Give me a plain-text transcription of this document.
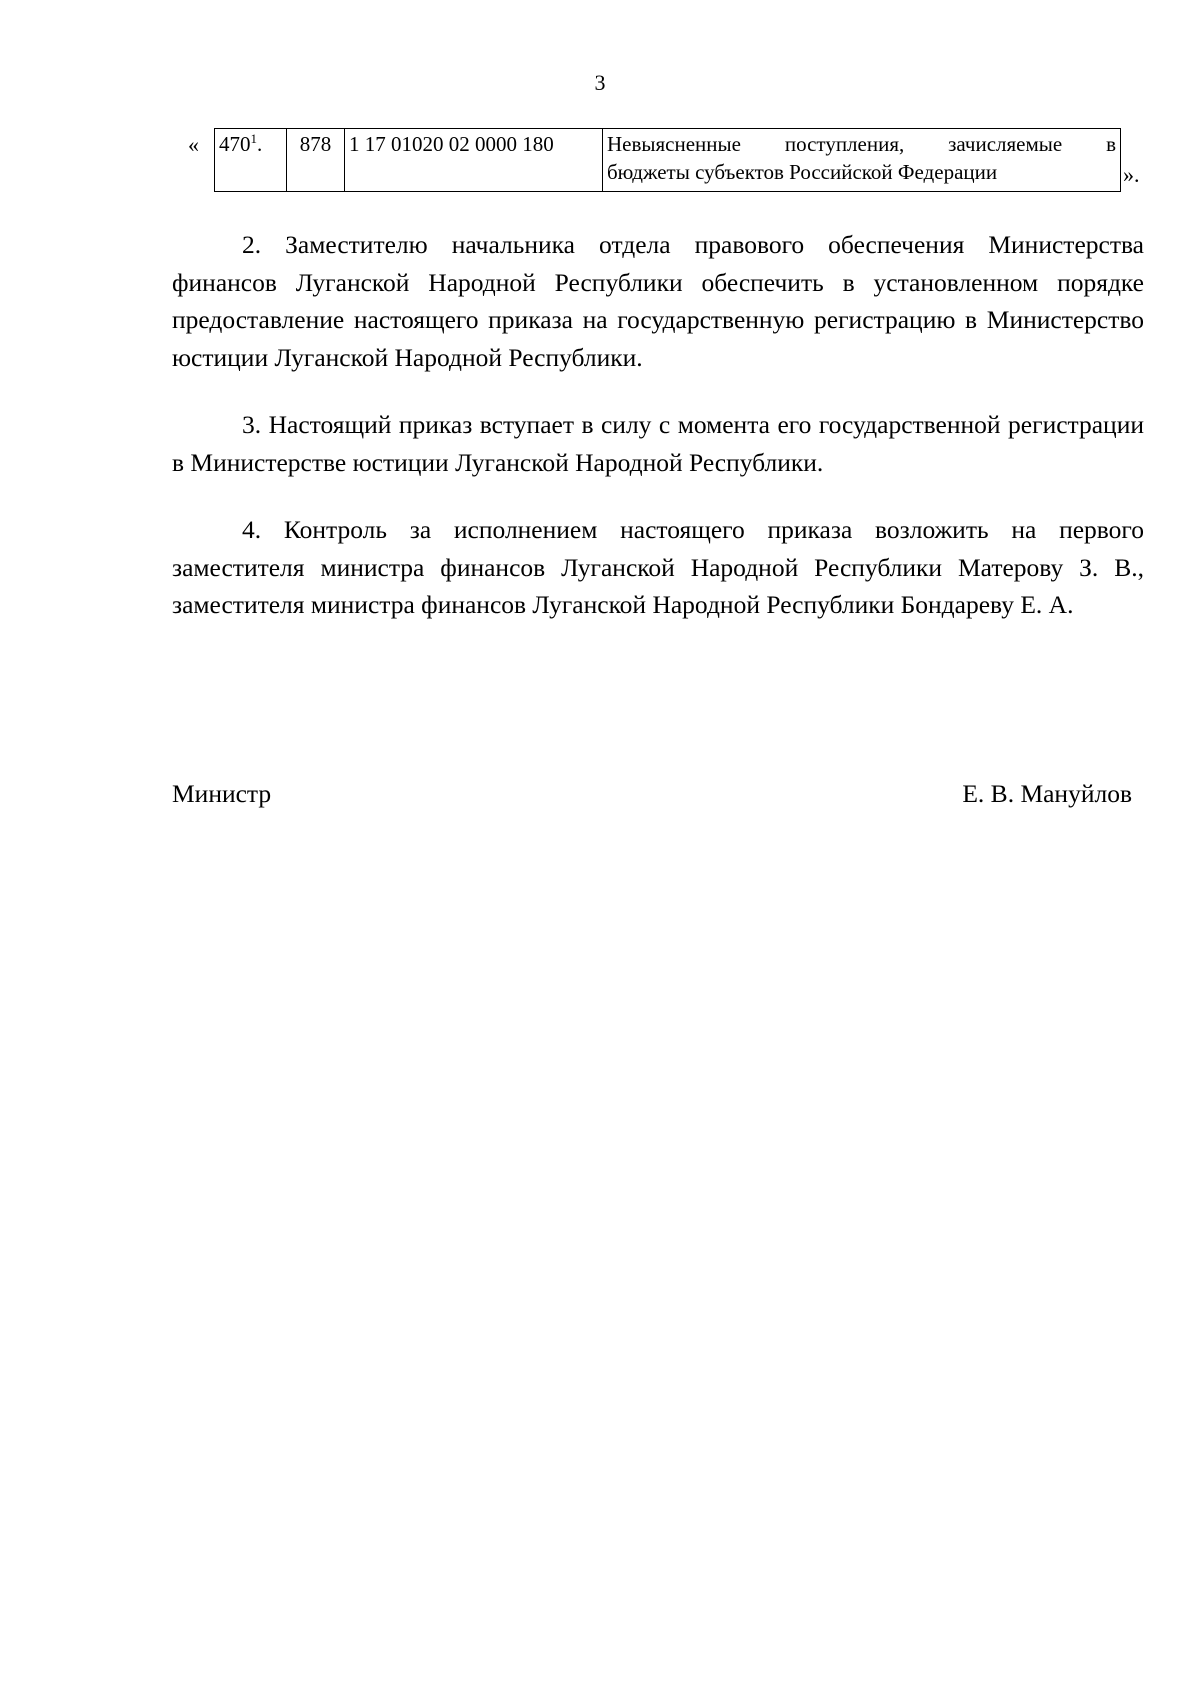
3
« $470^1$.	878	1 17 01020 02 0000 180	Невыясненные поступления, зачисляемые в
бюджеты субъектов Российской Федерации	».

2. Заместителю начальника отдела правового обеспечения Министерства финансов Луганской Народной Республики обеспечить в установленном порядке предоставление настоящего приказа на государственную регистрацию в Министерство юстиции Луганской Народной Республики.

3. Настоящий приказ вступает в силу с момента его государственной регистрации в Министерстве юстиции Луганской Народной Республики.

4. Контроль за исполнением настоящего приказа возложить на первого заместителя министра финансов Луганской Народной Республики Матерову З. В., заместителя министра финансов Луганской Народной Республики Бондареву Е. А.

Министр	Е. В. Мануйлов
